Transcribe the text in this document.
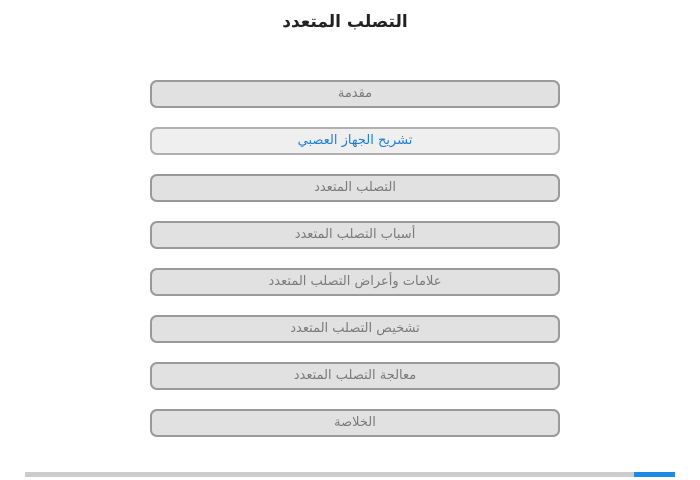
التصلب المتعدد
مقدمة
تشريح الجهاز العصبي
التصلب المتعدد
أسباب التصلب المتعدد
علامات وأعراض التصلب المتعدد
تشخيص التصلب المتعدد
معالجة التصلب المتعدد
الخلاصة
